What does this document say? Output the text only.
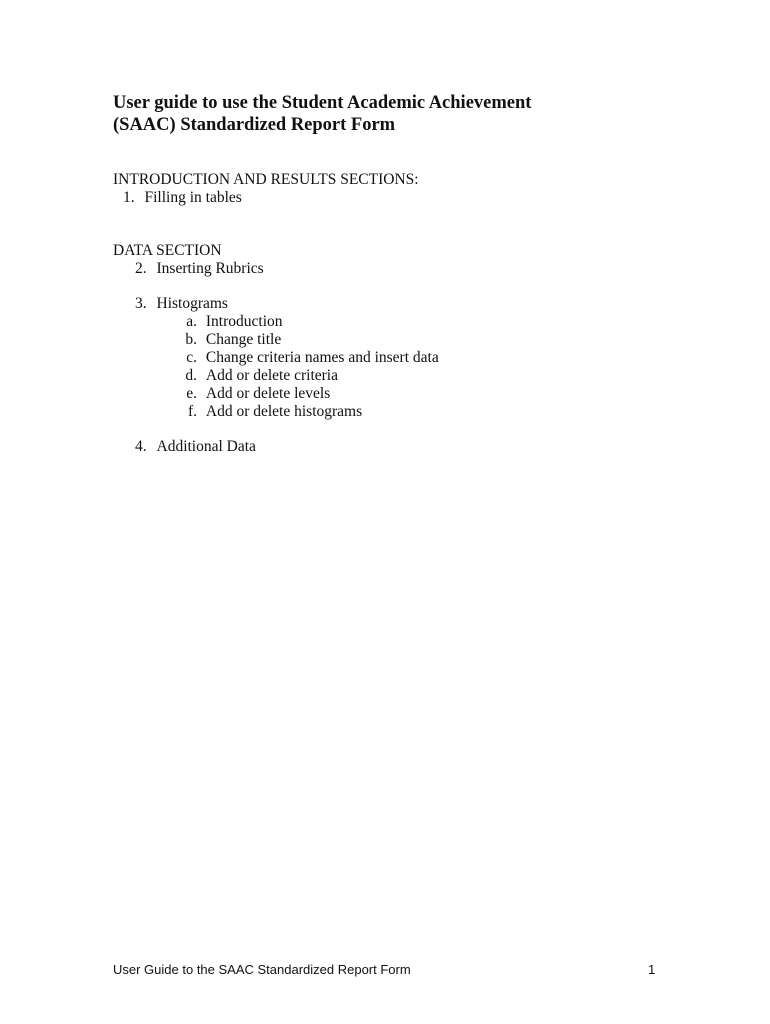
User guide to use the Student Academic Achievement
(SAAC) Standardized Report Form
INTRODUCTION AND RESULTS SECTIONS:
1. Filling in tables
DATA SECTION
2. Inserting Rubrics
3. Histograms
a. Introduction
b. Change title
c. Change criteria names and insert data
d. Add or delete criteria
e. Add or delete levels
f. Add or delete histograms
4. Additional Data
User Guide to the SAAC Standardized Report Form	1
